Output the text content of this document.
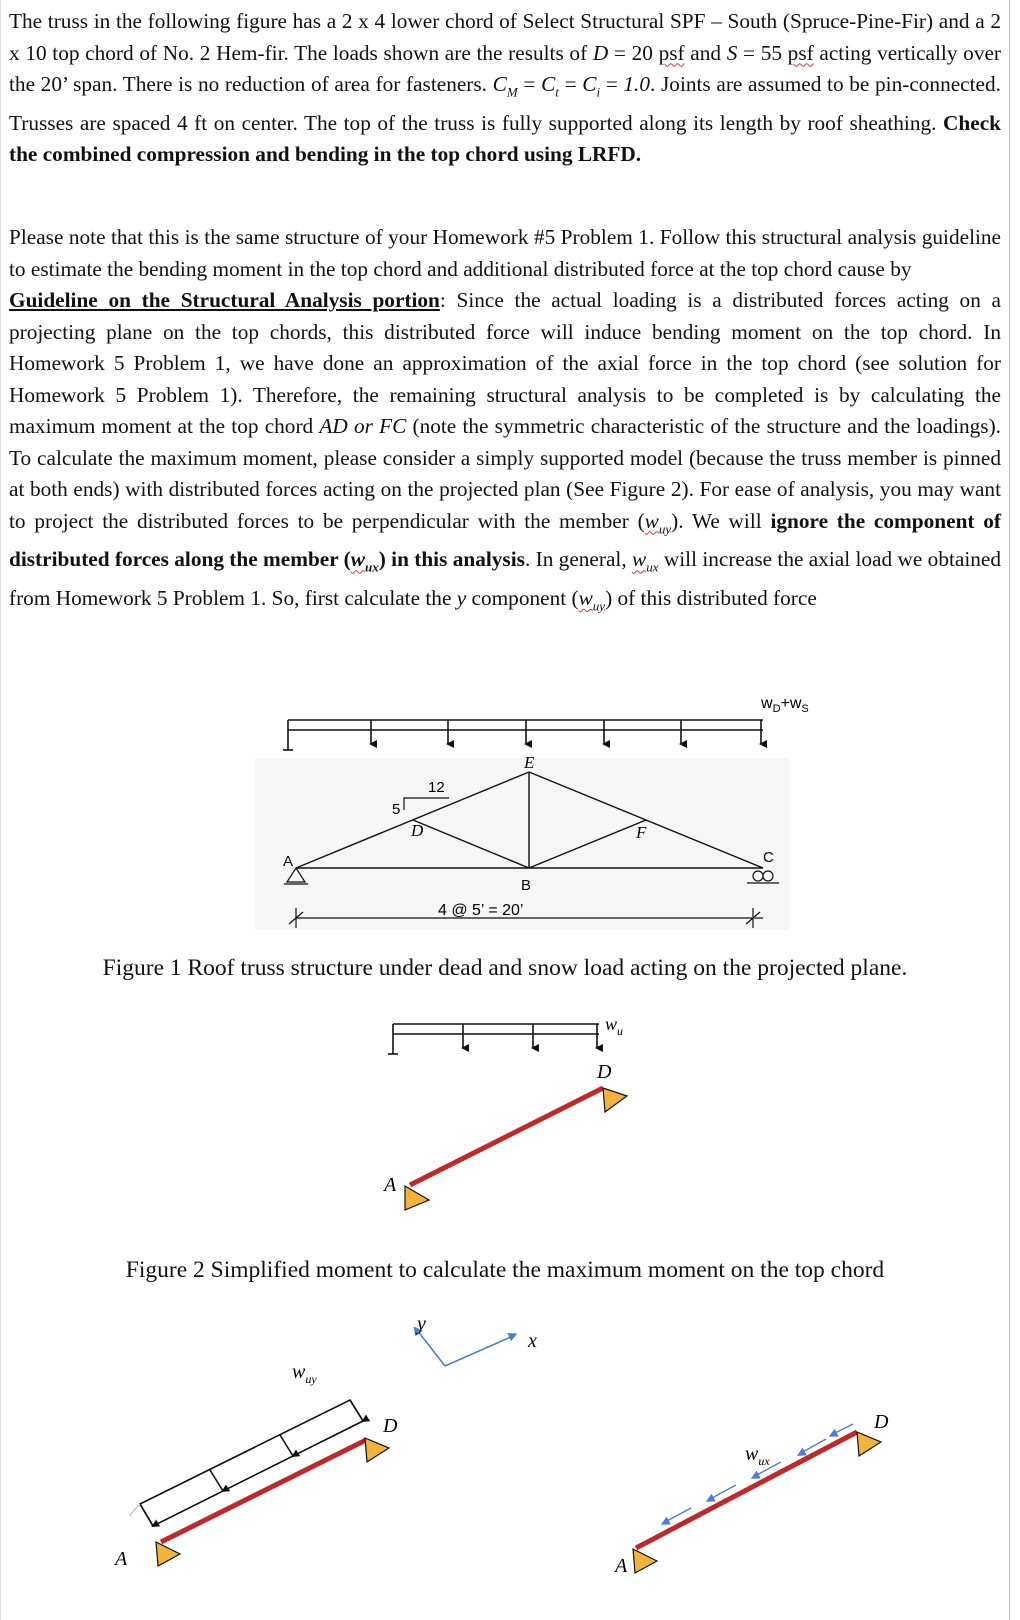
The truss in the following figure has a 2 x 4 lower chord of Select Structural SPF – South (Spruce-Pine-Fir) and a 2 x 10 top chord of No. 2 Hem-fir. The loads shown are the results of D = 20 psf and S = 55 psf acting vertically over the 20’ span. There is no reduction of area for fasteners. $C_M = C_t = C_i = 1.0$. Joints are assumed to be pin-connected. Trusses are spaced 4 ft on center. The top of the truss is fully supported along its length by roof sheathing. Check the combined compression and bending in the top chord using LRFD.

Please note that this is the same structure of your Homework #5 Problem 1. Follow this structural analysis guideline to estimate the bending moment in the top chord and additional distributed force at the top chord cause by

Guideline on the Structural Analysis portion: Since the actual loading is a distributed forces acting on a projecting plane on the top chords, this distributed force will induce bending moment on the top chord. In Homework 5 Problem 1, we have done an approximation of the axial force in the top chord (see solution for Homework 5 Problem 1). Therefore, the remaining structural analysis to be completed is by calculating the maximum moment at the top chord AD or FC (note the symmetric characteristic of the structure and the loadings). To calculate the maximum moment, please consider a simply supported model (because the truss member is pinned at both ends) with distributed forces acting on the projected plan (See Figure 2). For ease of analysis, you may want to project the distributed forces to be perpendicular with the member $(w_{uy})$. We will ignore the component of distributed forces along the member $(w_{ux})$ in this analysis. In general, $w_{ux}$ will increase the axial load we obtained from Homework 5 Problem 1. So, first calculate the y component $(w_{uy})$ of this distributed force

$w_D+w_S$
12
5
A
B
C
D
E
F
4 @ 5’ = 20’
Figure 1 Roof truss structure under dead and snow load acting on the projected plane.
$w_u$
D
A
Figure 2 Simplified moment to calculate the maximum moment on the top chord
y
x
$w_{uy}$
D
A
$w_{ux}$
D
A
